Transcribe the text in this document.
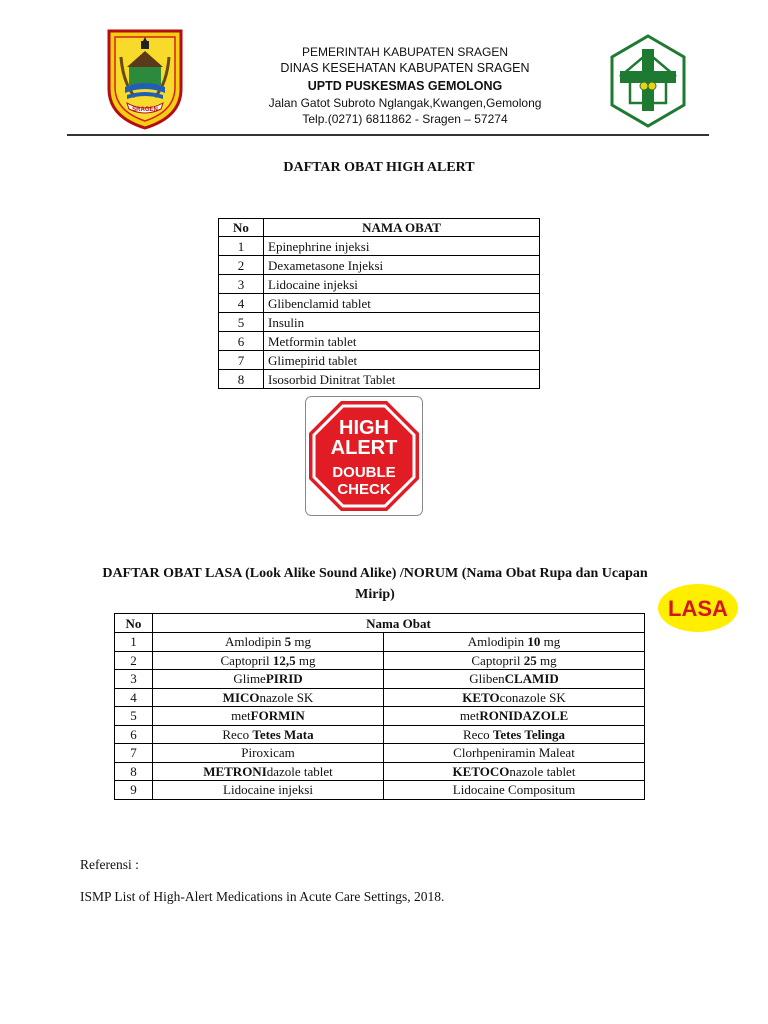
SRAGEN
PEMERINTAH KABUPATEN SRAGEN
DINAS KESEHATAN KABUPATEN SRAGEN
UPTD PUSKESMAS GEMOLONG
Jalan Gatot Subroto Nglangak,Kwangen,Gemolong
Telp.(0271) 6811862 - Sragen – 57274
DAFTAR OBAT HIGH ALERT
No	NAMA OBAT
1	Epinephrine injeksi
2	Dexametasone Injeksi
3	Lidocaine injeksi
4	Glibenclamid tablet
5	Insulin
6	Metformin tablet
7	Glimepirid tablet
8	Isosorbid Dinitrat Tablet
HIGH
ALERT
DOUBLE
CHECK
DAFTAR OBAT LASA (Look Alike Sound Alike) /NORUM (Nama Obat Rupa dan Ucapan
Mirip)
LASA
No	Nama Obat	
1	Amlodipin 5 mg	Amlodipin 10 mg
2	Captopril 12,5 mg	Captopril 25 mg
3	GlimePIRID	GlibenCLAMID
4	MICOnazole SK	KETOconazole SK
5	metFORMIN	metRONIDAZOLE
6	Reco Tetes Mata	Reco Tetes Telinga
7	Piroxicam	Clorhpeniramin Maleat
8	METRONIdazole tablet	KETOCOnazole tablet
9	Lidocaine injeksi	Lidocaine Compositum
Referensi :
ISMP List of High-Alert Medications in Acute Care Settings, 2018.
